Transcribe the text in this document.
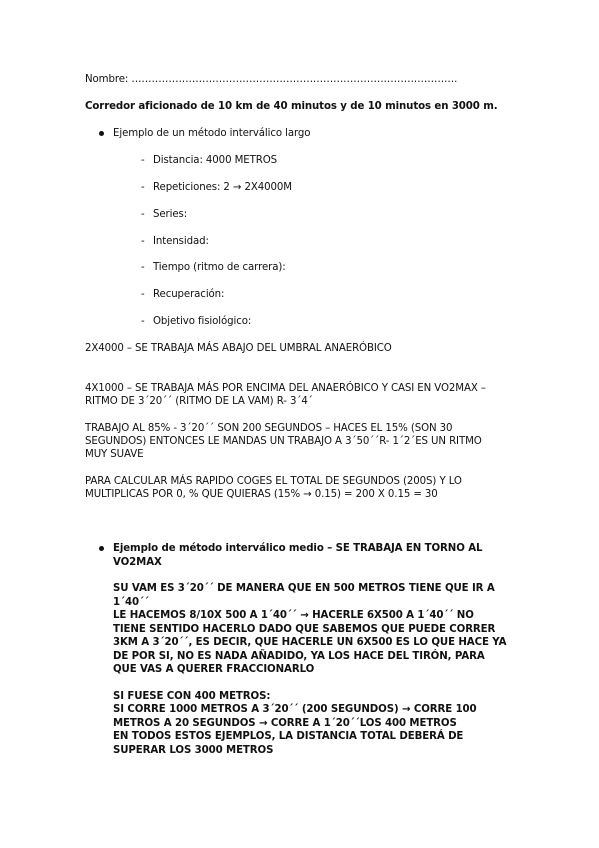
Nombre: …………………………………………………………………………………….
Corredor aficionado de 10 km de 40 minutos y de 10 minutos en 3000 m.
Ejemplo de un método interválico largo
- Distancia: 4000 METROS
- Repeticiones: 2 → 2X4000M
- Series:
- Intensidad:
- Tiempo (ritmo de carrera):
- Recuperación:
- Objetivo fisiológico:
2X4000 – SE TRABAJA MÁS ABAJO DEL UMBRAL ANAERÓBICO
4X1000 – SE TRABAJA MÁS POR ENCIMA DEL ANAERÓBICO Y CASI EN VO2MAX –
RITMO DE 3´20´´ (RITMO DE LA VAM) R- 3´4´
TRABAJO AL 85% - 3´20´´ SON 200 SEGUNDOS – HACES EL 15% (SON 30
SEGUNDOS) ENTONCES LE MANDAS UN TRABAJO A 3´50´´R- 1´2´ES UN RITMO
MUY SUAVE
PARA CALCULAR MÁS RAPIDO COGES EL TOTAL DE SEGUNDOS (200S) Y LO
MULTIPLICAS POR 0, % QUE QUIERAS (15% → 0.15) = 200 X 0.15 = 30
Ejemplo de método interválico medio – SE TRABAJA EN TORNO AL
VO2MAX
SU VAM ES 3´20´´ DE MANERA QUE EN 500 METROS TIENE QUE IR A
1´40´´
LE HACEMOS 8/10X 500 A 1´40´´ → HACERLE 6X500 A 1´40´´ NO
TIENE SENTIDO HACERLO DADO QUE SABEMOS QUE PUEDE CORRER
3KM A 3´20´´, ES DECIR, QUE HACERLE UN 6X500 ES LO QUE HACE YA
DE POR SI, NO ES NADA AÑADIDO, YA LOS HACE DEL TIRÓN, PARA
QUE VAS A QUERER FRACCIONARLO
SI FUESE CON 400 METROS:
SI CORRE 1000 METROS A 3´20´´ (200 SEGUNDOS) → CORRE 100
METROS A 20 SEGUNDOS → CORRE A 1´20´´LOS 400 METROS
EN TODOS ESTOS EJEMPLOS, LA DISTANCIA TOTAL DEBERÁ DE
SUPERAR LOS 3000 METROS
